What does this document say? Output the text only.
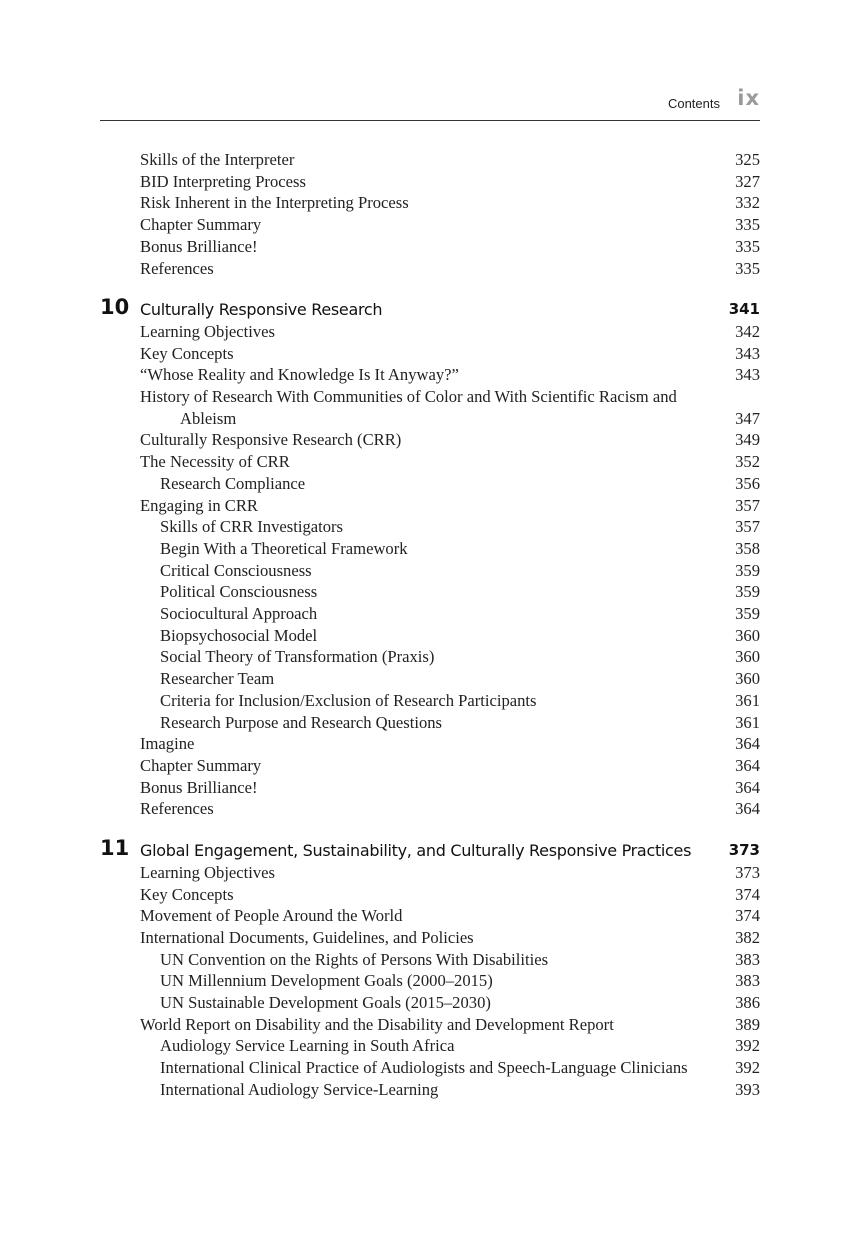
Contents ix
Skills of the Interpreter	325
BID Interpreting Process	327
Risk Inherent in the Interpreting Process	332
Chapter Summary	335
Bonus Brilliance!	335
References	335
10 Culturally Responsive Research	341
Learning Objectives	342
Key Concepts	343
“Whose Reality and Knowledge Is It Anyway?”	343
History of Research With Communities of Color and With Scientific Racism and Ableism	347
Culturally Responsive Research (CRR)	349
The Necessity of CRR	352
Research Compliance	356
Engaging in CRR	357
Skills of CRR Investigators	357
Begin With a Theoretical Framework	358
Critical Consciousness	359
Political Consciousness	359
Sociocultural Approach	359
Biopsychosocial Model	360
Social Theory of Transformation (Praxis)	360
Researcher Team	360
Criteria for Inclusion/Exclusion of Research Participants	361
Research Purpose and Research Questions	361
Imagine	364
Chapter Summary	364
Bonus Brilliance!	364
References	364
11 Global Engagement, Sustainability, and Culturally Responsive Practices	373
Learning Objectives	373
Key Concepts	374
Movement of People Around the World	374
International Documents, Guidelines, and Policies	382
UN Convention on the Rights of Persons With Disabilities	383
UN Millennium Development Goals (2000–2015)	383
UN Sustainable Development Goals (2015–2030)	386
World Report on Disability and the Disability and Development Report	389
Audiology Service Learning in South Africa	392
International Clinical Practice of Audiologists and Speech-Language Clinicians	392
International Audiology Service-Learning	393
